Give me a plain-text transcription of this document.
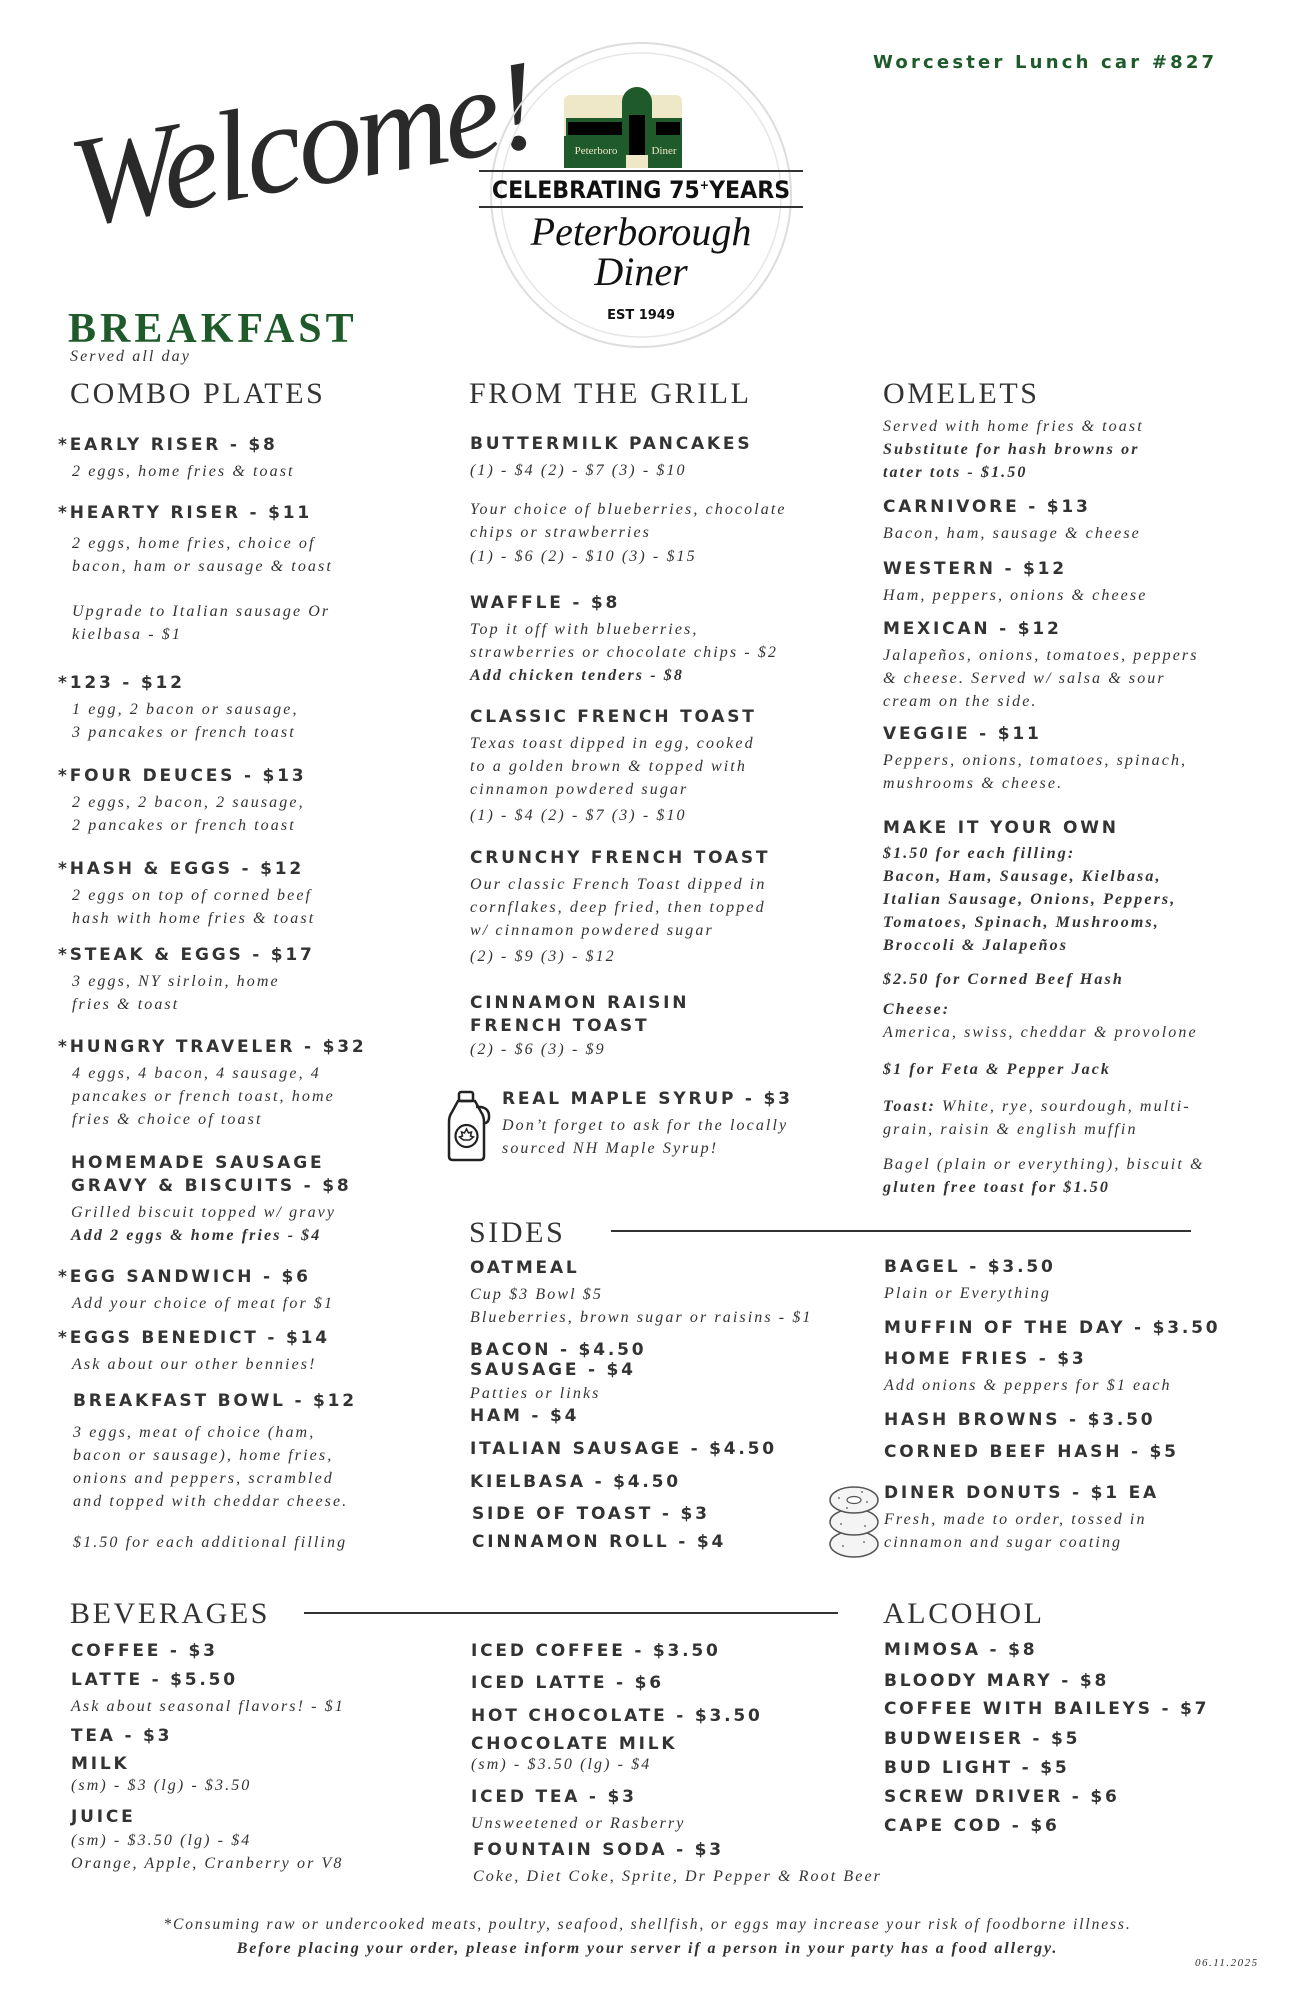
Worcester Lunch car #827
Welcome!	Peterboro	Diner
CELEBRATING 75+YEARS
Peterborough
Diner
EST 1949
BREAKFAST
Served all day
COMBO PLATES	FROM THE GRILL	OMELETS
*EARLY RISER - $8
2 eggs, home fries & toast
*HEARTY RISER - $11
2 eggs, home fries, choice of
bacon, ham or sausage & toast
Upgrade to Italian sausage Or
kielbasa - $1
*123 - $12
1 egg, 2 bacon or sausage,
3 pancakes or french toast
*FOUR DEUCES - $13
2 eggs, 2 bacon, 2 sausage,
2 pancakes or french toast
*HASH & EGGS - $12
2 eggs on top of corned beef
hash with home fries & toast
*STEAK & EGGS - $17
3 eggs, NY sirloin, home
fries & toast
*HUNGRY TRAVELER - $32
4 eggs, 4 bacon, 4 sausage, 4
pancakes or french toast, home
fries & choice of toast
HOMEMADE SAUSAGE
GRAVY & BISCUITS - $8
Grilled biscuit topped w/ gravy
Add 2 eggs & home fries - $4
*EGG SANDWICH - $6
Add your choice of meat for $1
*EGGS BENEDICT - $14
Ask about our other bennies!
BREAKFAST BOWL - $12
3 eggs, meat of choice (ham,
bacon or sausage), home fries,
onions and peppers, scrambled
and topped with cheddar cheese.
$1.50 for each additional filling
BUTTERMILK PANCAKES
(1) - $4 (2) - $7 (3) - $10
Your choice of blueberries, chocolate
chips or strawberries
(1) - $6 (2) - $10 (3) - $15
WAFFLE - $8
Top it off with blueberries,
strawberries or chocolate chips - $2
Add chicken tenders - $8
CLASSIC FRENCH TOAST
Texas toast dipped in egg, cooked
to a golden brown & topped with
cinnamon powdered sugar
(1) - $4 (2) - $7 (3) - $10
CRUNCHY FRENCH TOAST
Our classic French Toast dipped in
cornflakes, deep fried, then topped
w/ cinnamon powdered sugar
(2) - $9 (3) - $12
CINNAMON RAISIN
FRENCH TOAST
(2) - $6 (3) - $9
REAL MAPLE SYRUP - $3
Don’t forget to ask for the locally
sourced NH Maple Syrup!
Served with home fries & toast
Substitute for hash browns or
tater tots - $1.50
CARNIVORE - $13
Bacon, ham, sausage & cheese
WESTERN - $12
Ham, peppers, onions & cheese
MEXICAN - $12
Jalapeños, onions, tomatoes, peppers
& cheese. Served w/ salsa & sour
cream on the side.
VEGGIE - $11
Peppers, onions, tomatoes, spinach,
mushrooms & cheese.
MAKE IT YOUR OWN
$1.50 for each filling:
Bacon, Ham, Sausage, Kielbasa,
Italian Sausage, Onions, Peppers,
Tomatoes, Spinach, Mushrooms,
Broccoli & Jalapeños
$2.50 for Corned Beef Hash
Cheese:
America, swiss, cheddar & provolone
$1 for Feta & Pepper Jack
Toast: White, rye, sourdough, multi-
grain, raisin & english muffin
Bagel (plain or everything), biscuit &
gluten free toast for $1.50
SIDES
OATMEAL
Cup $3 Bowl $5
Blueberries, brown sugar or raisins - $1
BACON - $4.50
SAUSAGE - $4
Patties or links
HAM - $4
ITALIAN SAUSAGE - $4.50
KIELBASA - $4.50
SIDE OF TOAST - $3
CINNAMON ROLL - $4
BAGEL - $3.50
Plain or Everything
MUFFIN OF THE DAY - $3.50
HOME FRIES - $3
Add onions & peppers for $1 each
HASH BROWNS - $3.50
CORNED BEEF HASH - $5
DINER DONUTS - $1 EA
Fresh, made to order, tossed in
cinnamon and sugar coating
BEVERAGES
COFFEE - $3
LATTE - $5.50
Ask about seasonal flavors! - $1
TEA - $3
MILK
(sm) - $3 (lg) - $3.50
JUICE
(sm) - $3.50 (lg) - $4
Orange, Apple, Cranberry or V8
ICED COFFEE - $3.50
ICED LATTE - $6
HOT CHOCOLATE - $3.50
CHOCOLATE MILK
(sm) - $3.50 (lg) - $4
ICED TEA - $3
Unsweetened or Rasberry
FOUNTAIN SODA - $3
Coke, Diet Coke, Sprite, Dr Pepper & Root Beer
ALCOHOL
MIMOSA - $8
BLOODY MARY - $8
COFFEE WITH BAILEYS - $7
BUDWEISER - $5
BUD LIGHT - $5
SCREW DRIVER - $6
CAPE COD - $6
*Consuming raw or undercooked meats, poultry, seafood, shellfish, or eggs may increase your risk of foodborne illness.
Before placing your order, please inform your server if a person in your party has a food allergy.
06.11.2025
